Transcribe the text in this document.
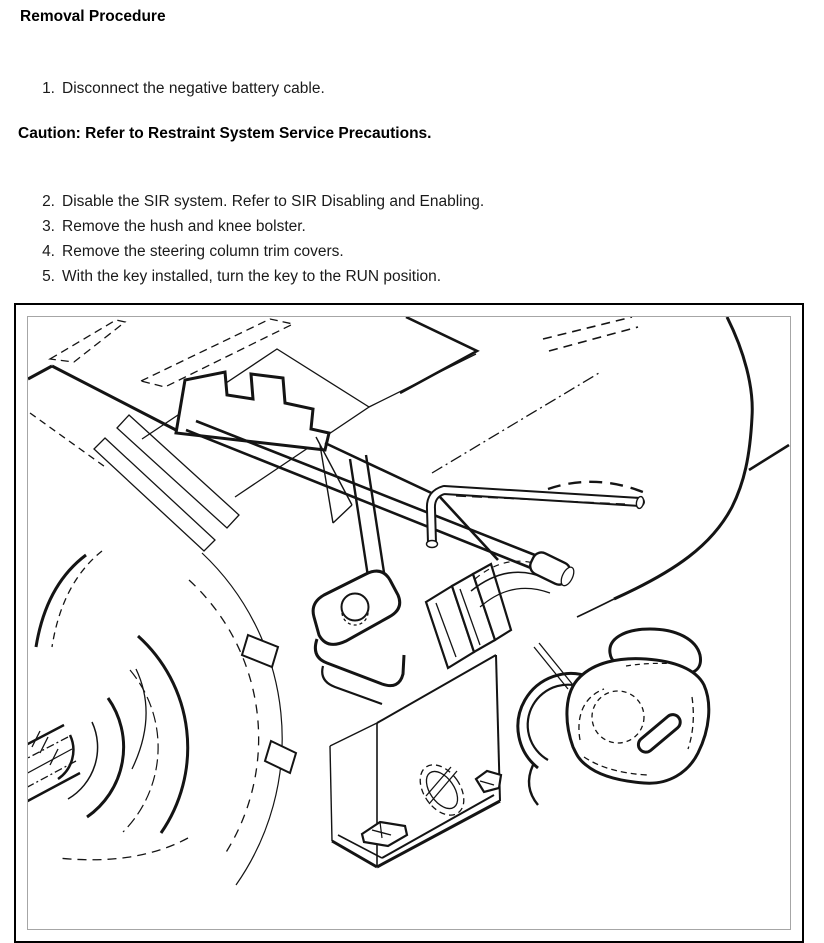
Removal Procedure
1. Disconnect the negative battery cable.
Caution: Refer to Restraint System Service Precautions.
2. Disable the SIR system. Refer to SIR Disabling and Enabling.
3. Remove the hush and knee bolster.
4. Remove the steering column trim covers.
5. With the key installed, turn the key to the RUN position.
